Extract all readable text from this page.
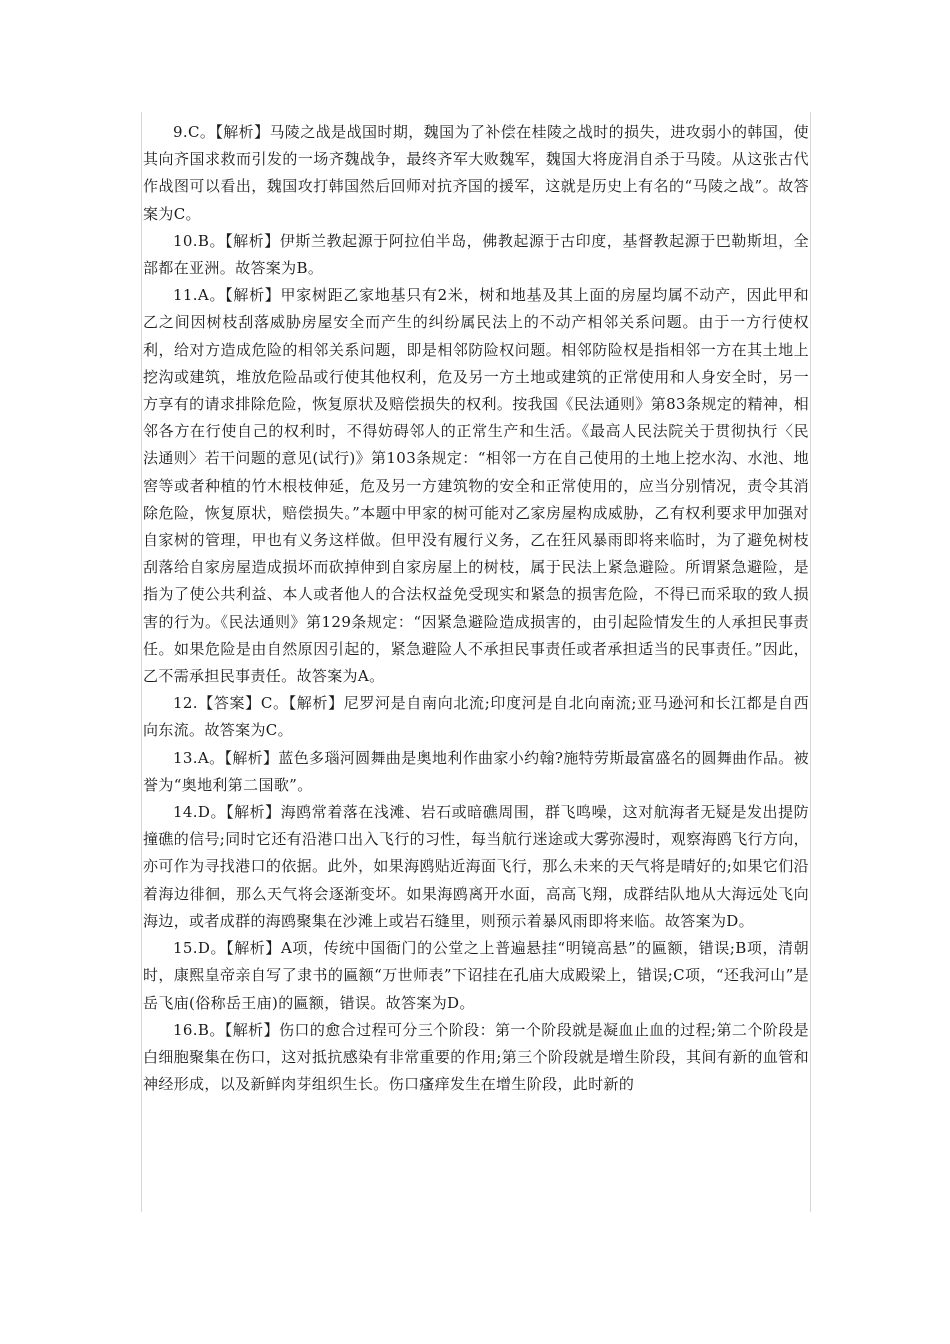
9.C。【解析】马陵之战是战国时期，魏国为了补偿在桂陵之战时的损失，进攻弱小的韩国，使其向齐国求救而引发的一场齐魏战争，最终齐军大败魏军，魏国大将庞涓自杀于马陵。从这张古代作战图可以看出，魏国攻打韩国然后回师对抗齐国的援军，这就是历史上有名的“马陵之战”。故答案为C。

10.B。【解析】伊斯兰教起源于阿拉伯半岛，佛教起源于古印度，基督教起源于巴勒斯坦，全部都在亚洲。故答案为B。

11.A。【解析】甲家树距乙家地基只有2米，树和地基及其上面的房屋均属不动产，因此甲和乙之间因树枝刮落威胁房屋安全而产生的纠纷属民法上的不动产相邻关系问题。由于一方行使权利，给对方造成危险的相邻关系问题，即是相邻防险权问题。相邻防险权是指相邻一方在其土地上挖沟或建筑，堆放危险品或行使其他权利，危及另一方土地或建筑的正常使用和人身安全时，另一方享有的请求排除危险，恢复原状及赔偿损失的权利。按我国《民法通则》第83条规定的精神，相邻各方在行使自己的权利时，不得妨碍邻人的正常生产和生活。《最高人民法院关于贯彻执行〈民法通则〉若干问题的意见(试行)》第103条规定：“相邻一方在自己使用的土地上挖水沟、水池、地窖等或者种植的竹木根枝伸延，危及另一方建筑物的安全和正常使用的，应当分别情况，责令其消除危险，恢复原状，赔偿损失。”本题中甲家的树可能对乙家房屋构成威胁，乙有权利要求甲加强对自家树的管理，甲也有义务这样做。但甲没有履行义务，乙在狂风暴雨即将来临时，为了避免树枝刮落给自家房屋造成损坏而砍掉伸到自家房屋上的树枝，属于民法上紧急避险。所谓紧急避险，是指为了使公共利益、本人或者他人的合法权益免受现实和紧急的损害危险，不得已而采取的致人损害的行为。《民法通则》第129条规定：“因紧急避险造成损害的，由引起险情发生的人承担民事责任。如果危险是由自然原因引起的，紧急避险人不承担民事责任或者承担适当的民事责任。”因此，乙不需承担民事责任。故答案为A。

12.【答案】C。【解析】尼罗河是自南向北流;印度河是自北向南流;亚马逊河和长江都是自西向东流。故答案为C。

13.A。【解析】蓝色多瑙河圆舞曲是奥地利作曲家小约翰?施特劳斯最富盛名的圆舞曲作品。被誉为“奥地利第二国歌”。

14.D。【解析】海鸥常着落在浅滩、岩石或暗礁周围，群飞鸣噪，这对航海者无疑是发出提防撞礁的信号;同时它还有沿港口出入飞行的习性，每当航行迷途或大雾弥漫时，观察海鸥飞行方向，亦可作为寻找港口的依据。此外，如果海鸥贴近海面飞行，那么未来的天气将是晴好的;如果它们沿着海边徘徊，那么天气将会逐渐变坏。如果海鸥离开水面，高高飞翔，成群结队地从大海远处飞向海边，或者成群的海鸥聚集在沙滩上或岩石缝里，则预示着暴风雨即将来临。故答案为D。

15.D。【解析】A项，传统中国衙门的公堂之上普遍悬挂“明镜高悬”的匾额，错误;B项，清朝时，康熙皇帝亲自写了隶书的匾额“万世师表”下诏挂在孔庙大成殿梁上，错误;C项，“还我河山”是岳飞庙(俗称岳王庙)的匾额，错误。故答案为D。

16.B。【解析】伤口的愈合过程可分三个阶段：第一个阶段就是凝血止血的过程;第二个阶段是白细胞聚集在伤口，这对抵抗感染有非常重要的作用;第三个阶段就是增生阶段，其间有新的血管和神经形成，以及新鲜肉芽组织生长。伤口瘙痒发生在增生阶段，此时新的
